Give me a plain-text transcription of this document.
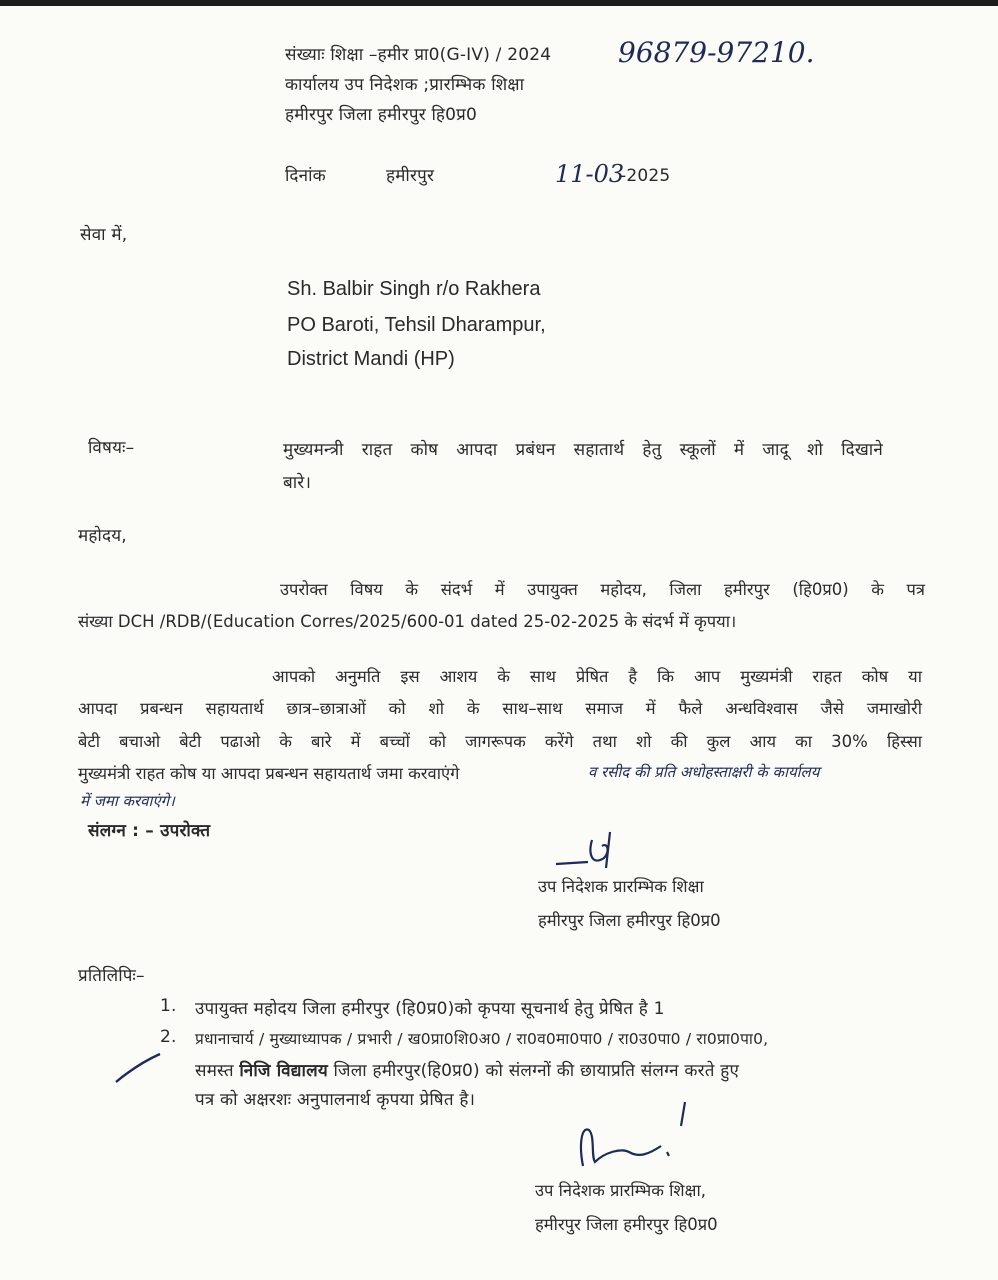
संख्याः शिक्षा –हमीर प्रा0(G-IV) / 2024 96879-97210.
कार्यालय उप निदेशक ;प्रारम्भिक शिक्षा
हमीरपुर जिला हमीरपुर हि0प्र0
दिनांक	हमीरपुर	11-03
-2025
सेवा में,
Sh. Balbir Singh r/o Rakhera
PO Baroti, Tehsil Dharampur,
District Mandi (HP)
विषयः–	मुख्यमन्त्री राहत कोष आपदा प्रबंधन सहातार्थ हेतु स्कूलों में जादू शो दिखाने
बारे।
महोदय,
उपरोक्त विषय के संदर्भ में उपायुक्त महोदय, जिला हमीरपुर (हि0प्र0) के पत्र
संख्या DCH /RDB/(Education Corres/2025/600-01 dated 25-02-2025 के संदर्भ में कृपया।
आपको अनुमति इस आशय के साथ प्रेषित है कि आप मुख्यमंत्री राहत कोष या
आपदा प्रबन्धन सहायतार्थ छात्र–छात्राओं को शो के साथ–साथ समाज में फैले अन्धविश्वास जैसे जमाखोरी
बेटी बचाओ बेटी पढाओ के बारे में बच्चों को जागरूपक करेंगे तथा शो की कुल आय का 30% हिस्सा
मुख्यमंत्री राहत कोष या आपदा प्रबन्धन सहायतार्थ जमा करवाएंगे	व रसीद की प्रति अधोहस्ताक्षरी के कार्यालय
में जमा करवाएंगे।
संलग्न : – उपरोक्त
उप निदेशक प्रारम्भिक शिक्षा
हमीरपुर जिला हमीरपुर हि0प्र0
प्रतिलिपिः–
1. उपायुक्त महोदय जिला हमीरपुर (हि0प्र0)को कृपया सूचनार्थ हेतु प्रेषित है 1
2. प्रधानाचार्य / मुख्याध्यापक / प्रभारी / ख0प्रा0शि0अ0 / रा0व0मा0पा0 / रा0उ0पा0 / रा0प्रा0पा0,
समस्त निजि विद्यालय जिला हमीरपुर(हि0प्र0) को संलग्नों की छायाप्रति संलग्न करते हुए
पत्र को अक्षरशः अनुपालनार्थ कृपया प्रेषित है।
उप निदेशक प्रारम्भिक शिक्षा,
हमीरपुर जिला हमीरपुर हि0प्र0
